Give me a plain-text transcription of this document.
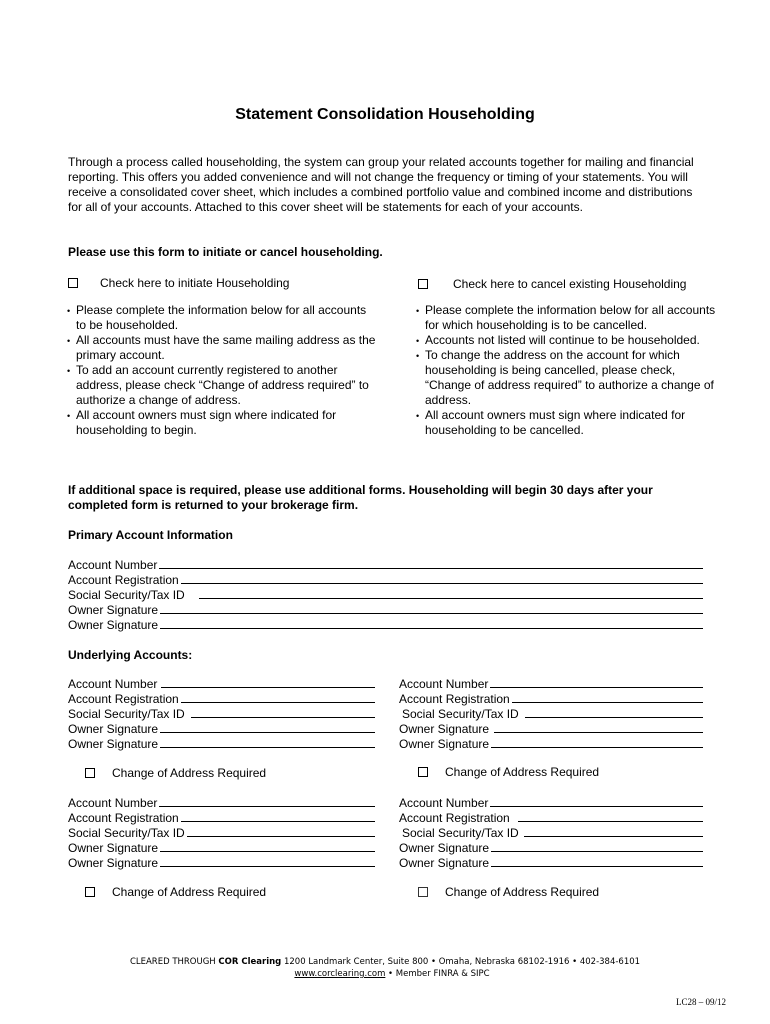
Statement Consolidation Householding
Through a process called householding, the system can group your related accounts together for mailing and financial reporting. This offers you added convenience and will not change the frequency or timing of your statements. You will receive a consolidated cover sheet, which includes a combined portfolio value and combined income and distributions for all of your accounts. Attached to this cover sheet will be statements for each of your accounts.
Please use this form to initiate or cancel householding.
Check here to initiate Householding
• Please complete the information below for all accounts to be householded.
• All accounts must have the same mailing address as the primary account.
• To add an account currently registered to another address, please check “Change of address required” to authorize a change of address.
• All account owners must sign where indicated for householding to begin.
Check here to cancel existing Householding
• Please complete the information below for all accounts for which householding is to be cancelled.
• Accounts not listed will continue to be householded.
• To change the address on the account for which householding is being cancelled, please check, “Change of address required” to authorize a change of address.
• All account owners must sign where indicated for householding to be cancelled.
If additional space is required, please use additional forms. Householding will begin 30 days after your completed form is returned to your brokerage firm.
Primary Account Information
Account Number
Account Registration
Social Security/Tax ID
Owner Signature
Owner Signature
Underlying Accounts:
Account Number
Account Registration
Social Security/Tax ID
Owner Signature
Owner Signature
Change of Address Required
Account Number
Account Registration
Social Security/Tax ID
Owner Signature
Owner Signature
Change of Address Required
Account Number
Account Registration
Social Security/Tax ID
Owner Signature
Owner Signature
Change of Address Required
Account Number
Account Registration
Social Security/Tax ID
Owner Signature
Owner Signature
Change of Address Required
CLEARED THROUGH COR Clearing 1200 Landmark Center, Suite 800 • Omaha, Nebraska 68102-1916 • 402-384-6101
www.corclearing.com • Member FINRA & SIPC
LC28 – 09/12
